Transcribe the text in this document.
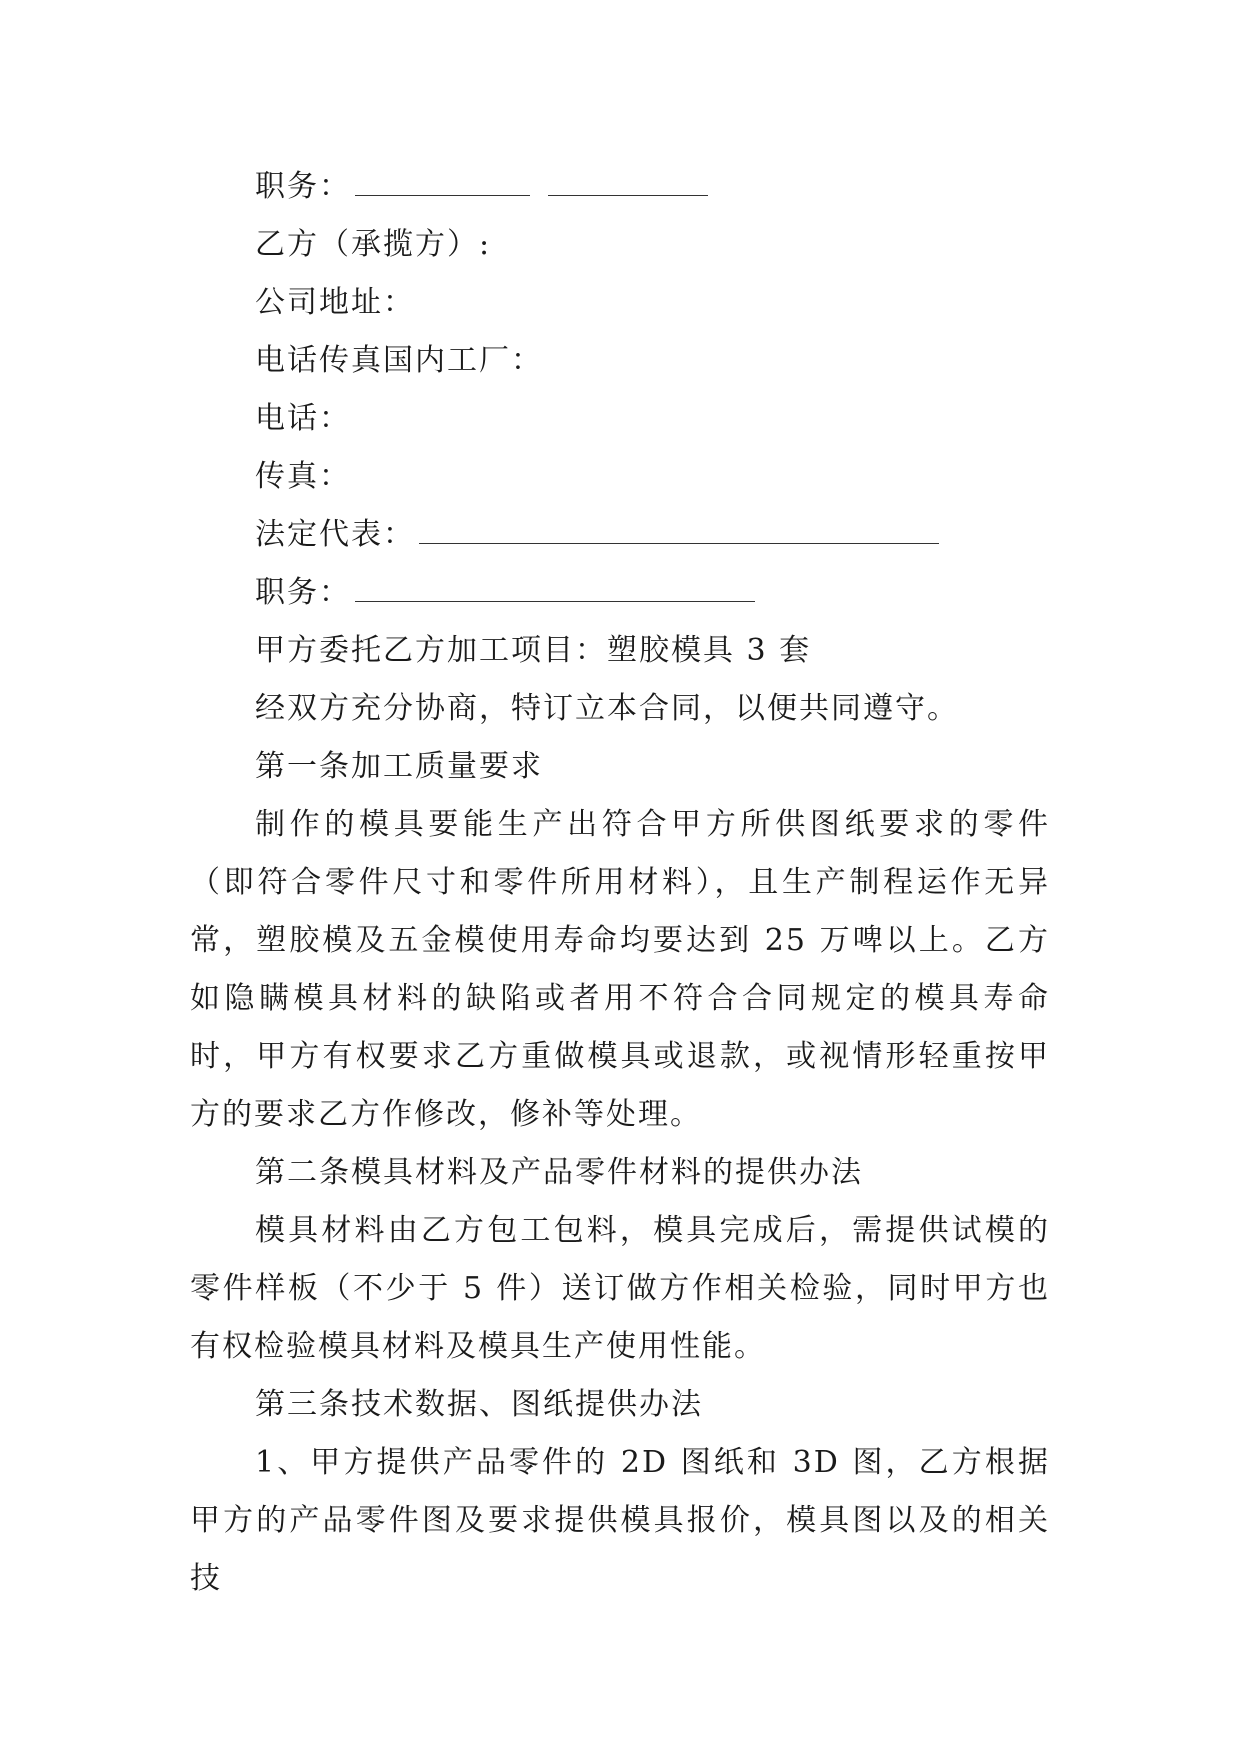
职务：

乙方（承揽方）:

公司地址：

电话传真国内工厂：

电话：

传真：

法定代表：

职务：

甲方委托乙方加工项目：塑胶模具 3 套

经双方充分协商，特订立本合同，以便共同遵守。

第一条加工质量要求

制作的模具要能生产出符合甲方所供图纸要求的零件（即符合零件尺寸和零件所用材料），且生产制程运作无异常，塑胶模及五金模使用寿命均要达到 25 万啤以上。乙方如隐瞒模具材料的缺陷或者用不符合合同规定的模具寿命时，甲方有权要求乙方重做模具或退款，或视情形轻重按甲方的要求乙方作修改，修补等处理。

第二条模具材料及产品零件材料的提供办法

模具材料由乙方包工包料，模具完成后，需提供试模的零件样板（不少于 5 件）送订做方作相关检验，同时甲方也有权检验模具材料及模具生产使用性能。

第三条技术数据、图纸提供办法

1、甲方提供产品零件的 2D 图纸和 3D 图，乙方根据甲方的产品零件图及要求提供模具报价，模具图以及的相关技
